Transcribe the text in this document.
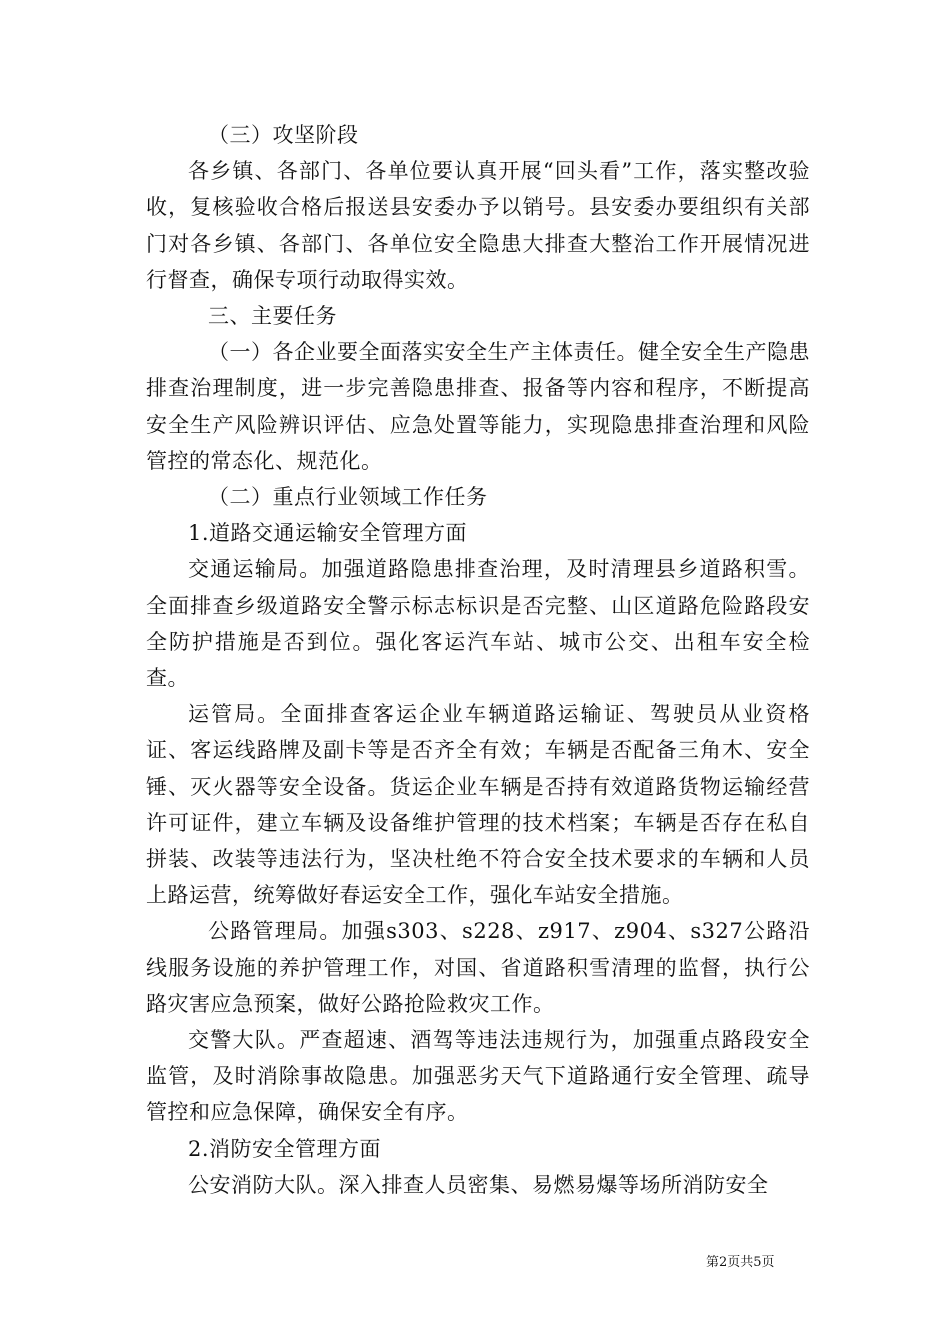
（三）攻坚阶段

各乡镇、各部门、各单位要认真开展“回头看”工作，落实整改验收，复核验收合格后报送县安委办予以销号。县安委办要组织有关部门对各乡镇、各部门、各单位安全隐患大排查大整治工作开展情况进行督查，确保专项行动取得实效。

三、主要任务

（一）各企业要全面落实安全生产主体责任。健全安全生产隐患排查治理制度，进一步完善隐患排查、报备等内容和程序，不断提高安全生产风险辨识评估、应急处置等能力，实现隐患排查治理和风险管控的常态化、规范化。

（二）重点行业领域工作任务

1.道路交通运输安全管理方面

交通运输局。加强道路隐患排查治理，及时清理县乡道路积雪。全面排查乡级道路安全警示标志标识是否完整、山区道路危险路段安全防护措施是否到位。强化客运汽车站、城市公交、出租车安全检查。

运管局。全面排查客运企业车辆道路运输证、驾驶员从业资格证、客运线路牌及副卡等是否齐全有效；车辆是否配备三角木、安全锤、灭火器等安全设备。货运企业车辆是否持有效道路货物运输经营许可证件，建立车辆及设备维护管理的技术档案；车辆是否存在私自拼装、改装等违法行为，坚决杜绝不符合安全技术要求的车辆和人员上路运营，统筹做好春运安全工作，强化车站安全措施。

公路管理局。加强s303、s228、z917、z904、s327公路沿线服务设施的养护管理工作，对国、省道路积雪清理的监督，执行公路灾害应急预案，做好公路抢险救灾工作。

交警大队。严查超速、酒驾等违法违规行为，加强重点路段安全监管，及时消除事故隐患。加强恶劣天气下道路通行安全管理、疏导管控和应急保障，确保安全有序。

2.消防安全管理方面

公安消防大队。深入排查人员密集、易燃易爆等场所消防安全

第2页共5页
